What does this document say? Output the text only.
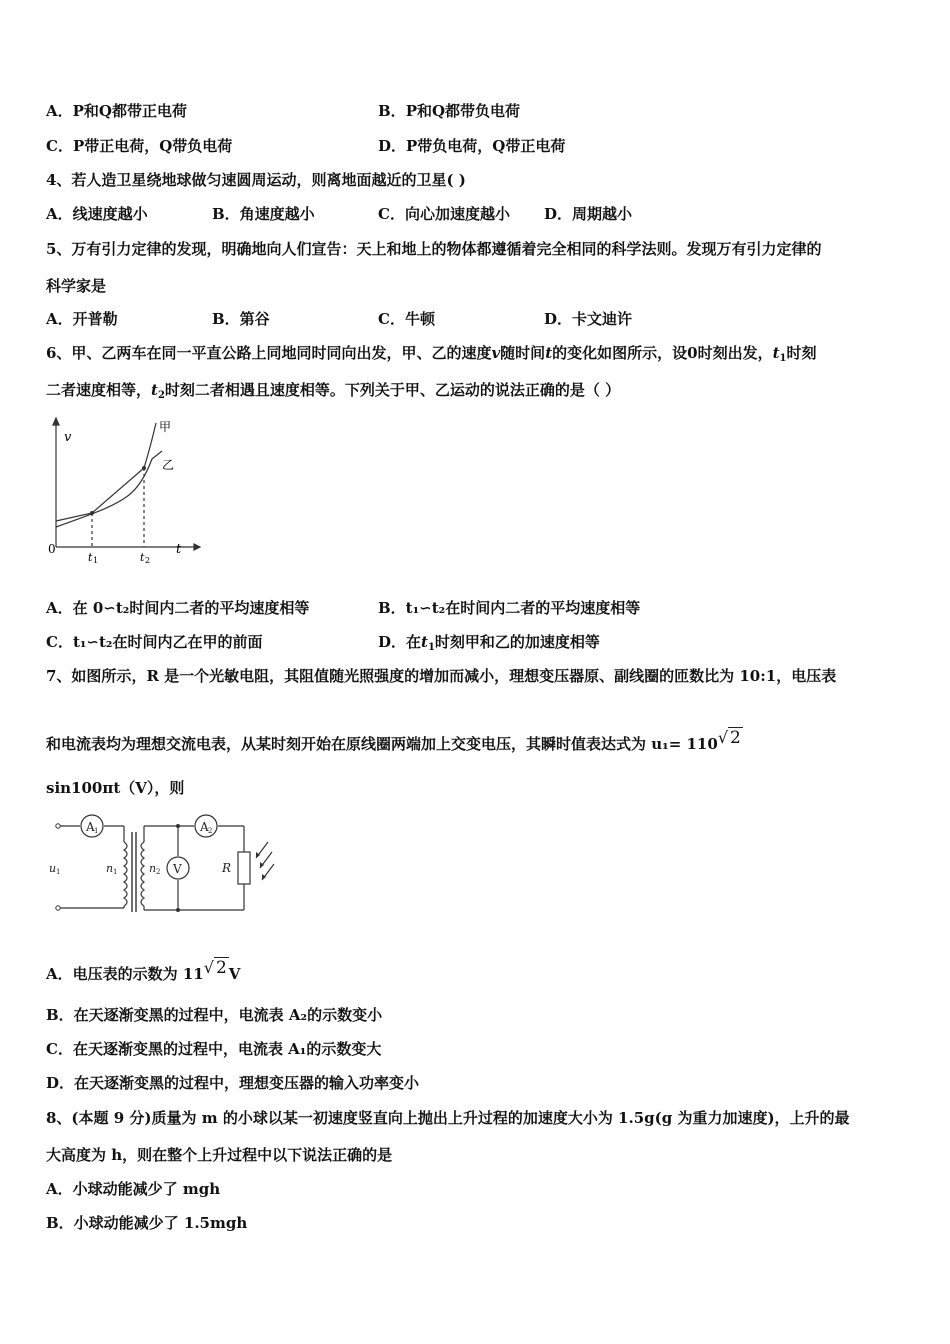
A．P和Q都带正电荷	B．P和Q都带负电荷
C．P带正电荷，Q带负电荷	D．P带负电荷，Q带正电荷
4、若人造卫星绕地球做匀速圆周运动，则离地面越近的卫星( )
A．线速度越小	B．角速度越小	C．向心加速度越小 D．周期越小
5、万有引力定律的发现，明确地向人们宣告：天上和地上的物体都遵循着完全相同的科学法则。发现万有引力定律的
科学家是
A．开普勒	B．第谷	C．牛顿	D．卡文迪许
6、甲、乙两车在同一平直公路上同地同时同向出发，甲、乙的速度v随时间t的变化如图所示，设0时刻出发，$t_1$时刻
二者速度相等，$t_2$时刻二者相遇且速度相等。下列关于甲、乙运动的说法正确的是（ ）
v
t
0
t 1	t 2
甲
乙
A．在 0∽t₂时间内二者的平均速度相等	B．t₁∽t₂在时间内二者的平均速度相等
C．t₁∽t₂在时间内乙在甲的前面	D．在$t_1$时刻甲和乙的加速度相等
7、如图所示，R 是一个光敏电阻，其阻值随光照强度的增加而减小，理想变压器原、副线圈的匝数比为 10:1，电压表
和电流表均为理想交流电表，从某时刻开始在原线圈两端加上交变电压，其瞬时值表达式为 u₁= 110√ 2
sin100πt（V），则
A 1	A 2
V	R
u 1	n 1	n 2
A．电压表的示数为 11√ 2 V
B．在天逐渐变黑的过程中，电流表 A₂的示数变小
C．在天逐渐变黑的过程中，电流表 A₁的示数变大
D．在天逐渐变黑的过程中，理想变压器的输入功率变小
8、(本题 9 分)质量为 m 的小球以某一初速度竖直向上抛出上升过程的加速度大小为 1.5g(g 为重力加速度)，上升的最
大高度为 h，则在整个上升过程中以下说法正确的是
A．小球动能减少了 mgh
B．小球动能减少了 1.5mgh
